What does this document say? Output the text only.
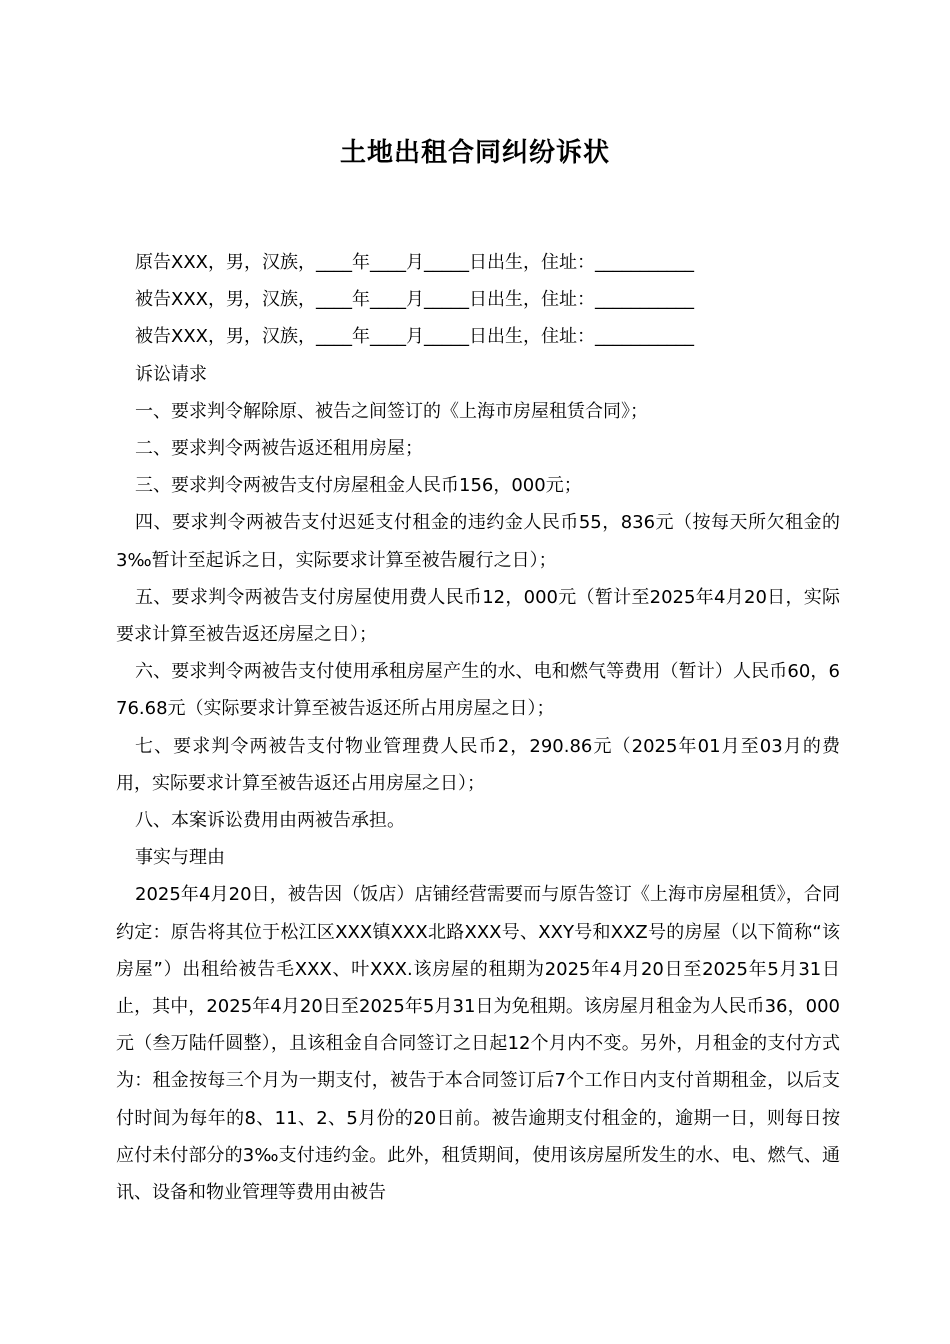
土地出租合同纠纷诉状

原告XXX，男，汉族，____年____月_____日出生，住址：___________

被告XXX，男，汉族，____年____月_____日出生，住址：___________

被告XXX，男，汉族，____年____月_____日出生，住址：___________

诉讼请求

一、要求判令解除原、被告之间签订的《上海市房屋租赁合同》；

二、要求判令两被告返还租用房屋；

三、要求判令两被告支付房屋租金人民币156，000元；

四、要求判令两被告支付迟延支付租金的违约金人民币55，836元（按每天所欠租金的3‰暂计至起诉之日，实际要求计算至被告履行之日）；

五、要求判令两被告支付房屋使用费人民币12，000元（暂计至2025年4月20日，实际要求计算至被告返还房屋之日）；

六、要求判令两被告支付使用承租房屋产生的水、电和燃气等费用（暂计）人民币60，676.68元（实际要求计算至被告返还所占用房屋之日）；

七、要求判令两被告支付物业管理费人民币2，290.86元（2025年01月至03月的费用，实际要求计算至被告返还占用房屋之日）；

八、本案诉讼费用由两被告承担。

事实与理由

2025年4月20日，被告因（饭店）店铺经营需要而与原告签订《上海市房屋租赁》，合同约定：原告将其位于松江区XXX镇XXX北路XXX号、XXY号和XXZ号的房屋（以下简称“该房屋”）出租给被告毛XXX、叶XXX.该房屋的租期为2025年4月20日至2025年5月31日止，其中，2025年4月20日至2025年5月31日为免租期。该房屋月租金为人民币36，000元（叁万陆仟圆整），且该租金自合同签订之日起12个月内不变。另外，月租金的支付方式为：租金按每三个月为一期支付，被告于本合同签订后7个工作日内支付首期租金，以后支付时间为每年的8、11、2、5月份的20日前。被告逾期支付租金的，逾期一日，则每日按应付未付部分的3‰支付违约金。此外，租赁期间，使用该房屋所发生的水、电、燃气、通讯、设备和物业管理等费用由被告
